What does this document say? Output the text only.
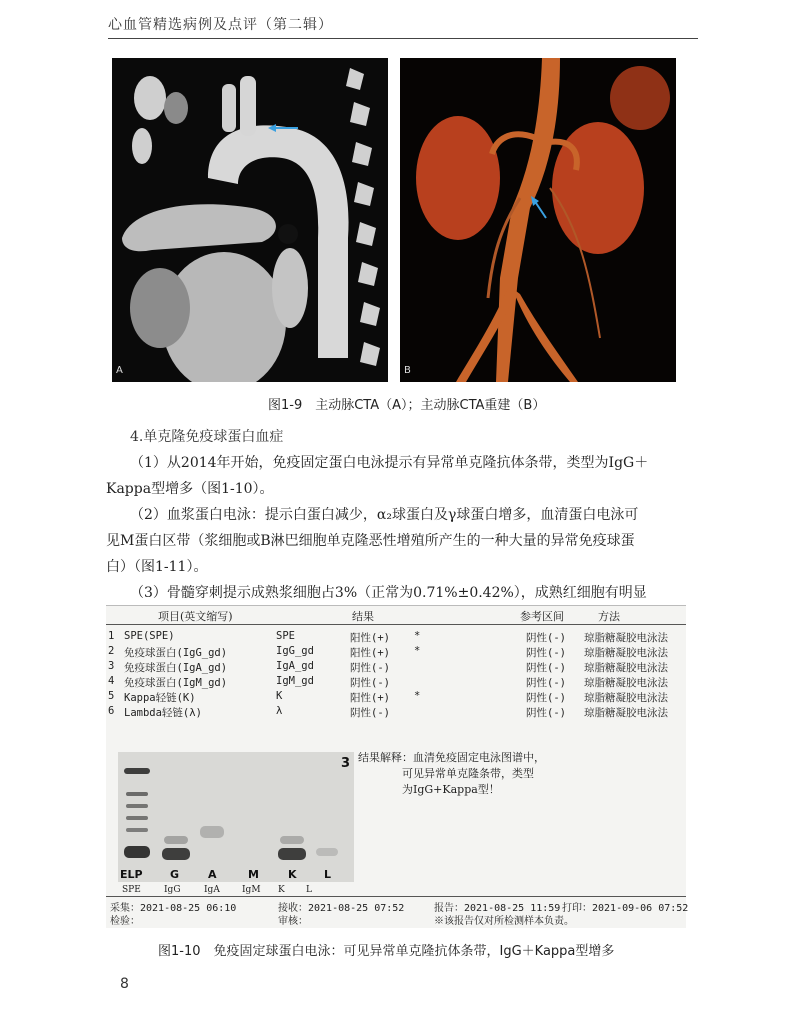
心血管精选病例及点评（第二辑）
A	B
图1-9　主动脉CTA（A）；主动脉CTA重建（B）
4.单克隆免疫球蛋白血症
（1）从2014年开始，免疫固定蛋白电泳提示有异常单克隆抗体条带，类型为IgG＋
Kappa型增多（图1-10）。
（2）血浆蛋白电泳：提示白蛋白减少，α₂球蛋白及γ球蛋白增多，血清蛋白电泳可
见M蛋白区带（浆细胞或B淋巴细胞单克隆恶性增殖所产生的一种大量的异常免疫球蛋
白）（图1-11）。
（3）骨髓穿刺提示成熟浆细胞占3%（正常为0.71%±0.42%），成熟红细胞有明显
项目(英文缩写)	结果	参考区间	方法
1 SPE(SPE)	SPE	阳性(+) *	阴性(-) 琼脂糖凝胶电泳法
2 免疫球蛋白(IgG_gd)	IgG_gd	阳性(+) *	阴性(-) 琼脂糖凝胶电泳法
3 免疫球蛋白(IgA_gd)	IgA_gd	阴性(-)	阴性(-) 琼脂糖凝胶电泳法
4 免疫球蛋白(IgM_gd)	IgM_gd	阴性(-)	阴性(-) 琼脂糖凝胶电泳法
5 Kappa轻链(K)	K	阳性(+) *	阴性(-) 琼脂糖凝胶电泳法
6 Lambda轻链(λ)	λ	阴性(-)	阴性(-) 琼脂糖凝胶电泳法
3
ELP G	A	M	K L
SPE	IgG	IgA IgM K L
结果解释：血清免疫固定电泳图谱中，
可见异常单克隆条带，类型
为IgG+Kappa型！
采集：2021-08-25 06:10	接收：2021-08-25 07:52	报告：2021-08-25 11:59 打印：2021-09-06 07:52
检验：	审核：	※该报告仅对所检测样本负责。
图1-10　免疫固定球蛋白电泳：可见异常单克隆抗体条带，IgG＋Kappa型增多
8
